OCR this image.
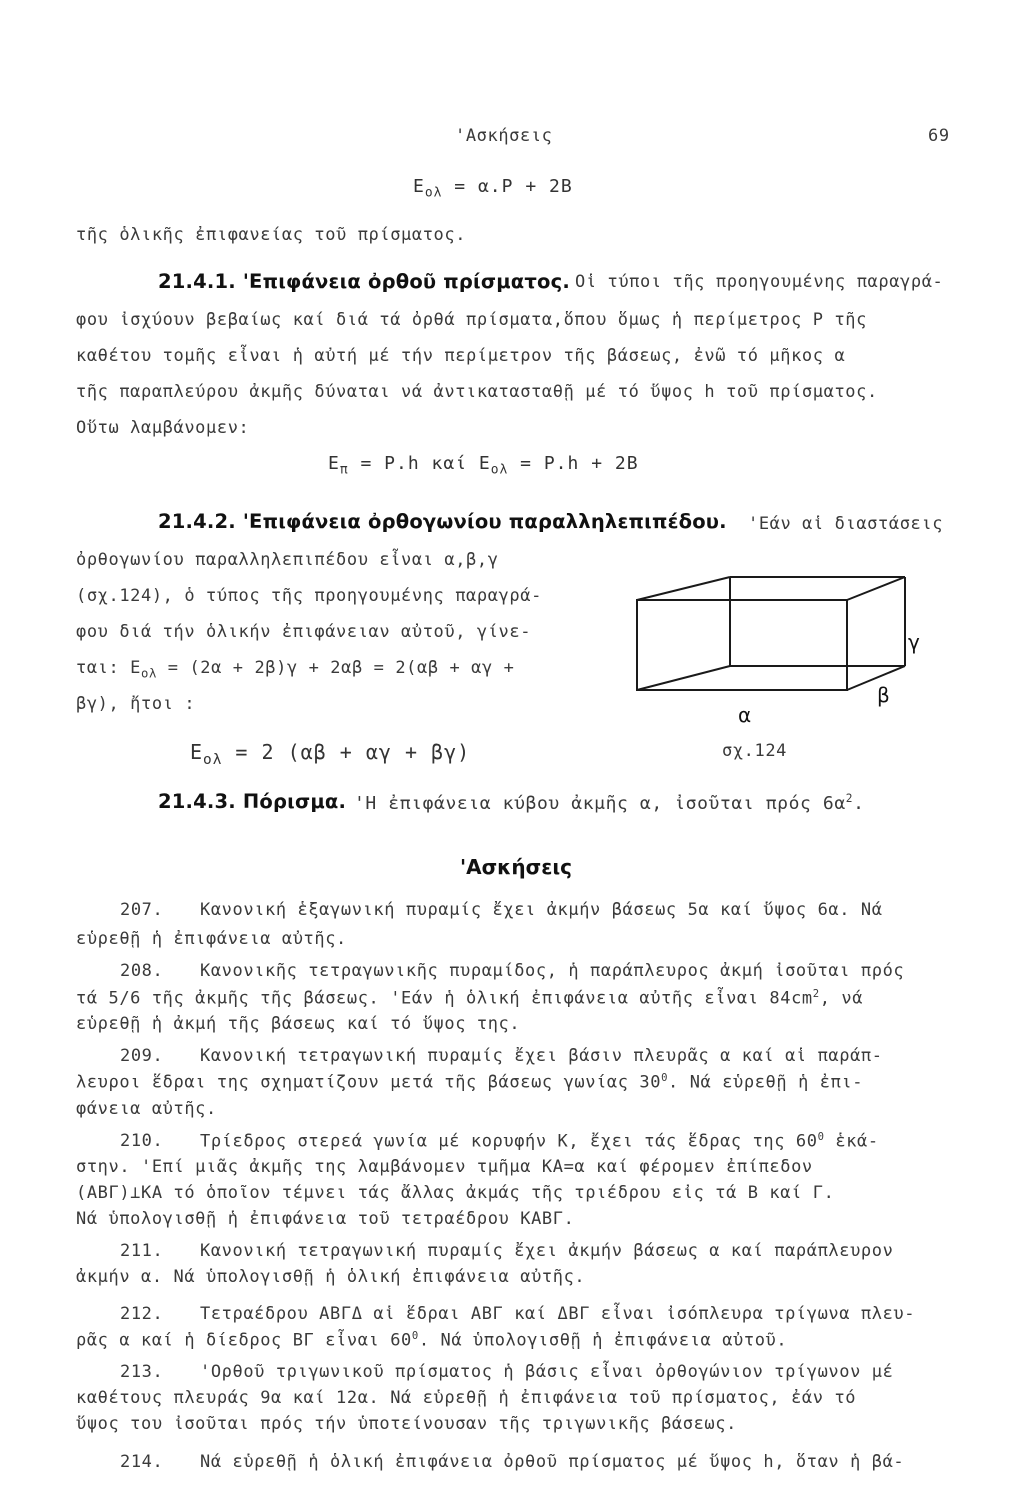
'Ασκήσεις	69
$E_{o\lambda} = \alpha.P + 2B$
τῆς ὁλικῆς ἐπιφανείας τοῦ πρίσματος.
21.4.1. 'Επιφάνεια ὀρθοῦ πρίσματος. Οἱ τύποι τῆς προηγουμένης παραγρά-
φου ἰσχύουν βεβαίως καί διά τά ὀρθά πρίσματα,ὅπου ὅμως ἡ περίμετρος Ρ τῆς
καθέτου τομῆς εἶναι ἡ αὐτή μέ τήν περίμετρον τῆς βάσεως, ἐνῶ τό μῆκος α
τῆς παραπλεύρου ἀκμῆς δύναται νά ἀντικατασταθῇ μέ τό ὕψος h τοῦ πρίσματος.
Οὕτω λαμβάνομεν:
$E_\pi = P.h$ καί $E_{o\lambda} = P.h + 2B$
21.4.2. 'Επιφάνεια ὀρθογωνίου παραλληλεπιπέδου. 'Εάν αἱ διαστάσεις
ὀρθογωνίου παραλληλεπιπέδου εἶναι α,β,γ
(σχ.124), ὁ τύπος τῆς προηγουμένης παραγρά-
φου διά τήν ὁλικήν ἐπιφάνειαν αὐτοῦ, γίνε-
ται: $E_{o\lambda} = (2\alpha + 2\beta)\gamma + 2\alpha\beta = 2(\alpha\beta + \alpha\gamma$ +
βγ), ἤτοι :
$E_{o\lambda} = 2$ (αβ + αγ + βγ)
γ
β
α
σχ.124
21.4.3. Πόρισμα. 'Η ἐπιφάνεια κύβου ἀκμῆς α, ἰσοῦται πρός $6\alpha^2$.
'Ασκήσεις
207. Κανονική ἑξαγωνική πυραμίς ἔχει ἀκμήν βάσεως 5α καί ὕψος 6α. Νά
εὑρεθῇ ἡ ἐπιφάνεια αὐτῆς.
208. Κανονικῆς τετραγωνικῆς πυραμίδος, ἡ παράπλευρος ἀκμή ἰσοῦται πρός
τά 5/6 τῆς ἀκμῆς τῆς βάσεως. 'Εάν ἡ ὁλική ἐπιφάνεια αὐτῆς εἶναι $84cm^2$, νά
εὑρεθῇ ἡ ἀκμή τῆς βάσεως καί τό ὕψος της.
209. Κανονική τετραγωνική πυραμίς ἔχει βάσιν πλευρᾶς α καί αἱ παράπ-
λευροι ἕδραι της σχηματίζουν μετά τῆς βάσεως γωνίας $30^0$. Νά εὑρεθῇ ἡ ἐπι-
φάνεια αὐτῆς.
210. Τρίεδρος στερεά γωνία μέ κορυφήν Κ, ἔχει τάς ἕδρας της $60^0$ ἑκά-
στην. 'Επί μιᾶς ἀκμῆς της λαμβάνομεν τμῆμα ΚΑ=α καί φέρομεν ἐπίπεδον
(ΑΒΓ)⊥ΚΑ τό ὁποῖον τέμνει τάς ἄλλας ἀκμάς τῆς τριέδρου εἰς τά Β καί Γ.
Νά ὑπολογισθῇ ἡ ἐπιφάνεια τοῦ τετραέδρου ΚΑΒΓ.
211. Κανονική τετραγωνική πυραμίς ἔχει ἀκμήν βάσεως α καί παράπλευρον
ἀκμήν α. Νά ὑπολογισθῇ ἡ ὁλική ἐπιφάνεια αὐτῆς.
212. Τετραέδρου ΑΒΓΔ αἱ ἕδραι ΑΒΓ καί ΔΒΓ εἶναι ἰσόπλευρα τρίγωνα πλευ-
ρᾶς α καί ἡ δίεδρος ΒΓ εἶναι $60^0$. Νά ὑπολογισθῇ ἡ ἐπιφάνεια αὐτοῦ.
213. 'Ορθοῦ τριγωνικοῦ πρίσματος ἡ βάσις εἶναι ὀρθογώνιον τρίγωνον μέ
καθέτους πλευράς 9α καί 12α. Νά εὑρεθῇ ἡ ἐπιφάνεια τοῦ πρίσματος, ἐάν τό
ὕψος του ἰσοῦται πρός τήν ὑποτείνουσαν τῆς τριγωνικῆς βάσεως.
214. Νά εὑρεθῇ ἡ ὁλική ἐπιφάνεια ὀρθοῦ πρίσματος μέ ὕψος h, ὅταν ἡ βά-
